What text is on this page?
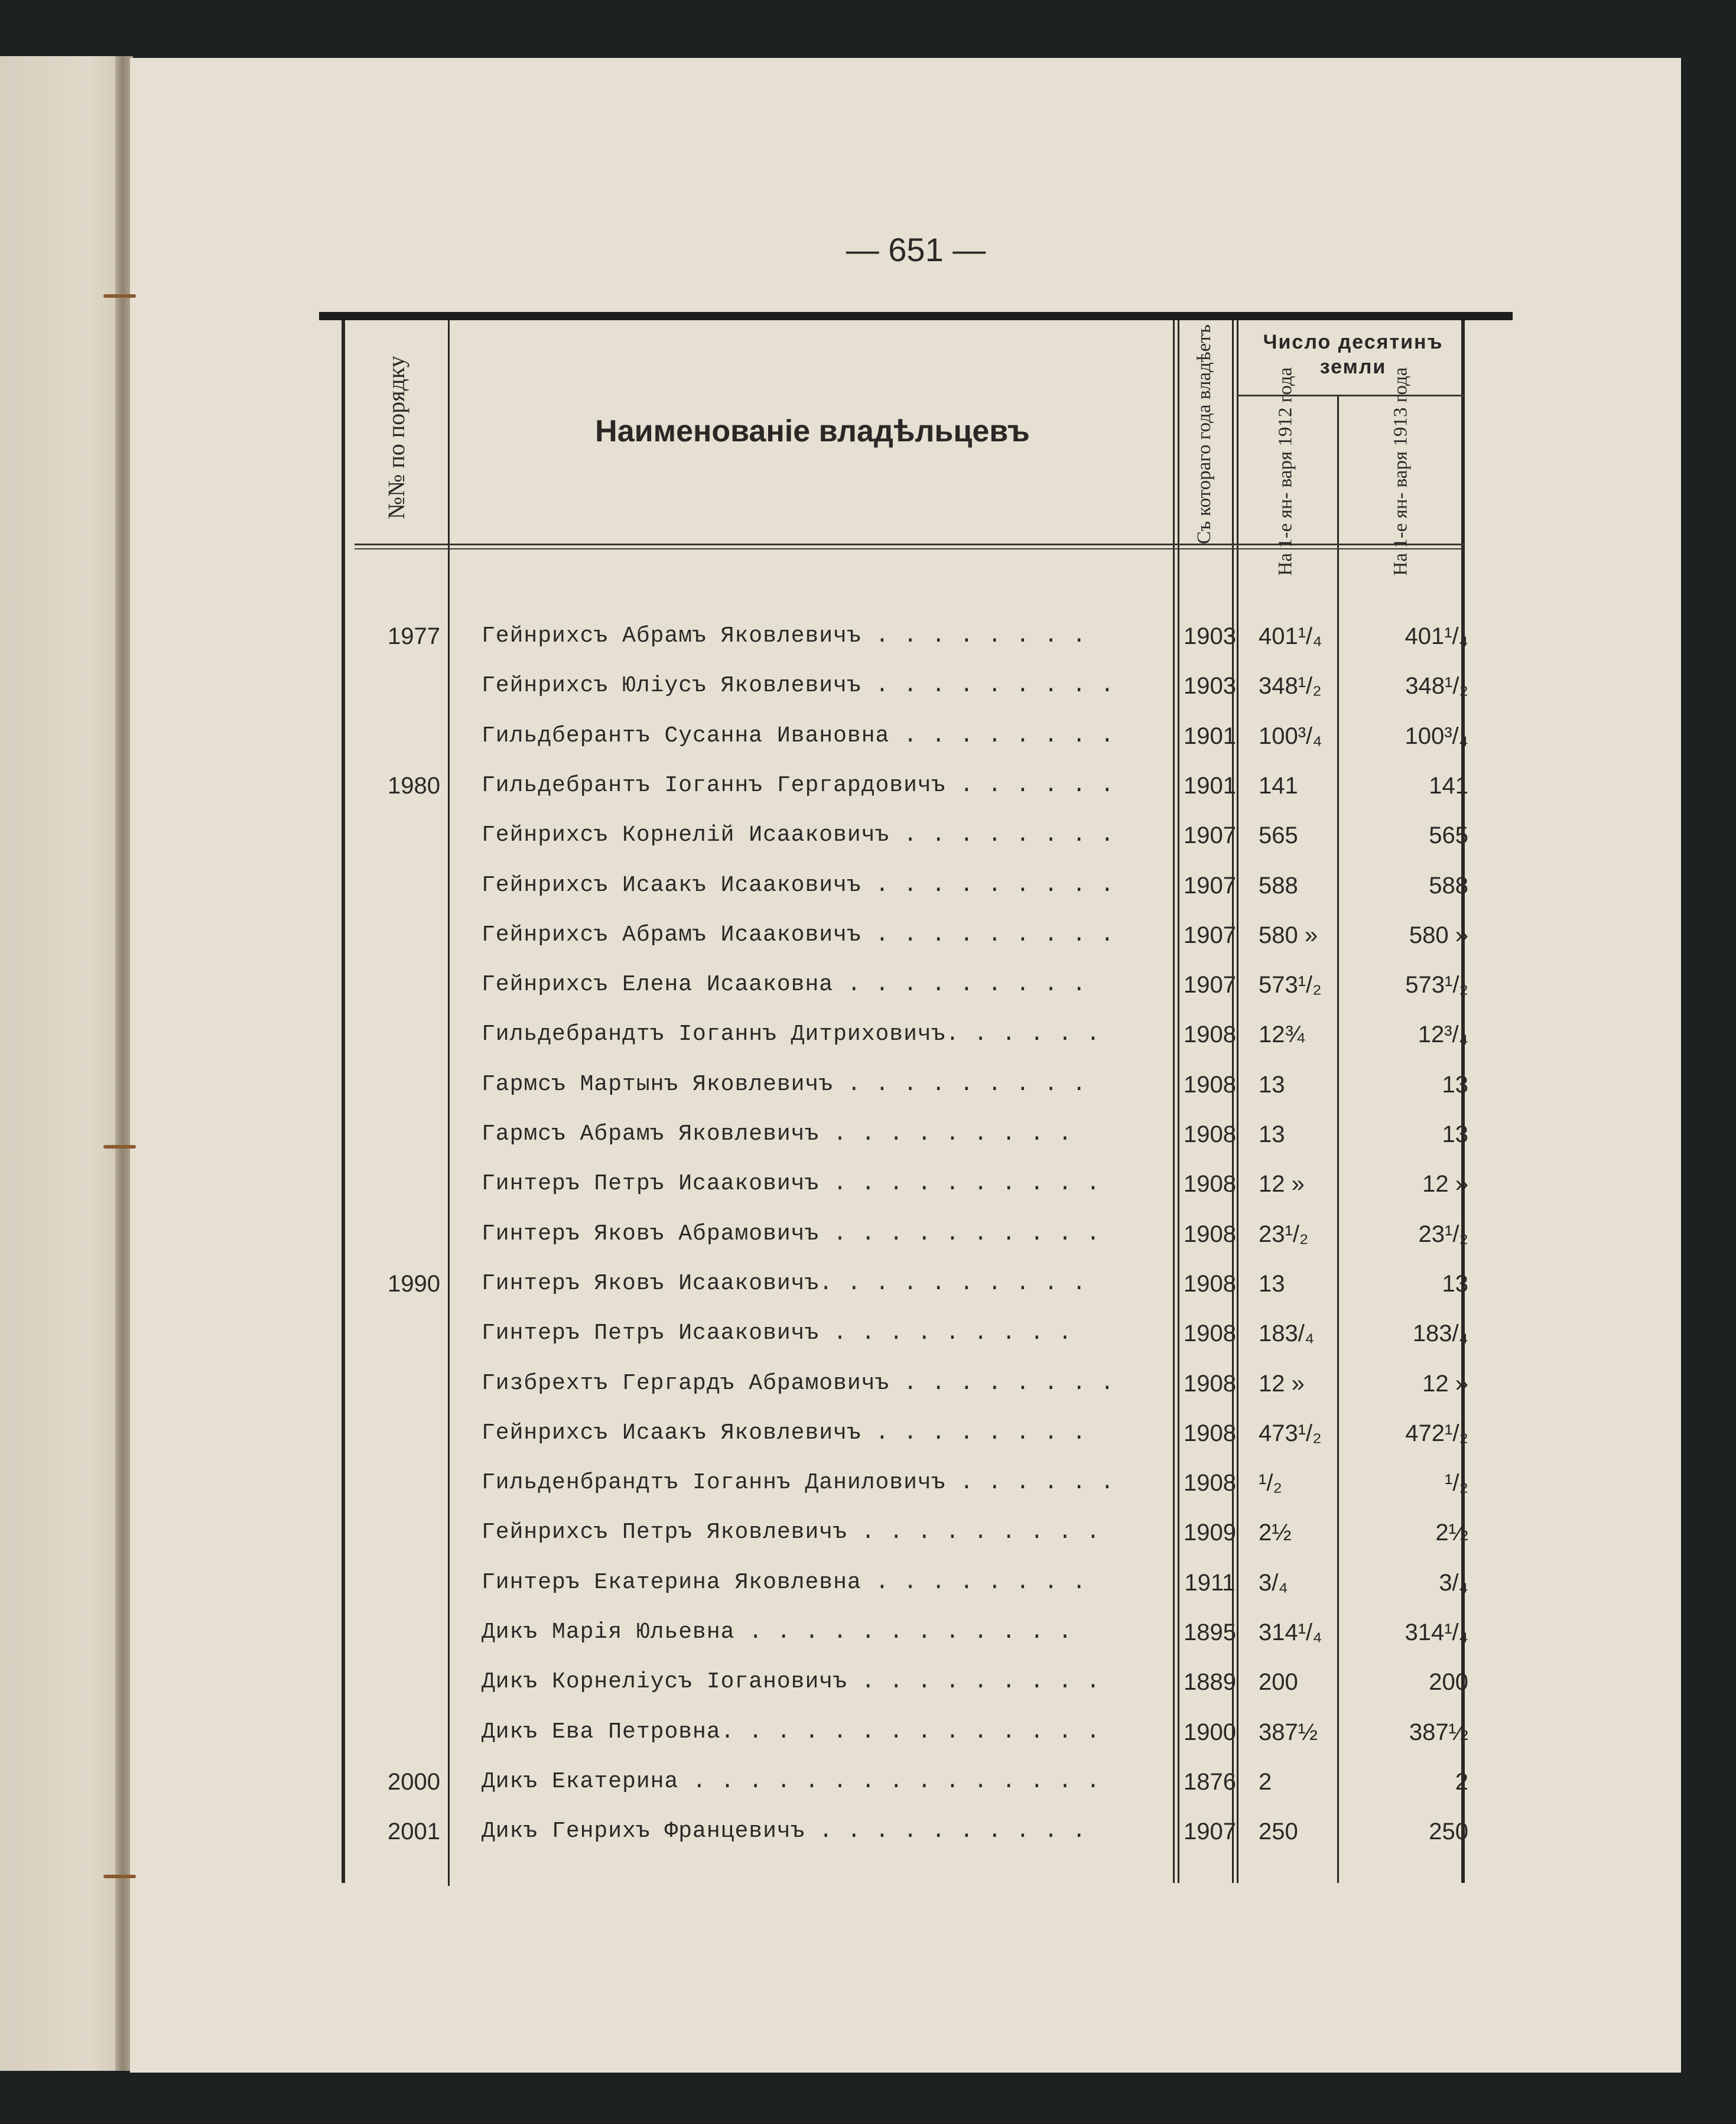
— 651 —
№№ по порядку	Наименованіе владѣльцевъ	Съ котораго года владѣетъ	Число десятинъ земли
На 1-е ян- варя 1912 года	На 1-е ян- варя 1913 года
1977 Гейнрихсъ Абрамъ Яковлевичъ . . . . . . . .	1903 401¹/₄	401¹/₄
Гейнрихсъ Юліусъ Яковлевичъ . . . . . . . . .	1903 348¹/₂	348¹/₂
Гильдберантъ Сусанна Ивановна . . . . . . . .	1901 100³/₄	100³/₄
1980 Гильдебрантъ Іоганнъ Гергардовичъ . . . . . .	1901 141	141
Гейнрихсъ Корнелій Исааковичъ . . . . . . . .	1907 565	565
Гейнрихсъ Исаакъ Исааковичъ . . . . . . . . .	1907 588	588
Гейнрихсъ Абрамъ Исааковичъ . . . . . . . . .	1907 580 »	580 »
Гейнрихсъ Елена Исааковна . . . . . . . . .	1907 573¹/₂	573¹/₂
Гильдебрандтъ Іоганнъ Дитриховичъ. . . . . .	1908 12¾	12³/₄
Гармсъ Мартынъ Яковлевичъ . . . . . . . . .	1908 13	13
Гармсъ Абрамъ Яковлевичъ . . . . . . . . .	1908 13	13
Гинтеръ Петръ Исааковичъ . . . . . . . . . .	1908 12 »	12 »
Гинтеръ Яковъ Абрамовичъ . . . . . . . . . .	1908 23¹/₂	23¹/₂
1990 Гинтеръ Яковъ Исааковичъ. . . . . . . . . .	1908 13	13
Гинтеръ Петръ Исааковичъ . . . . . . . . .	1908 183/₄	183/₄
Гизбрехтъ Гергардъ Абрамовичъ . . . . . . . .	1908 12 »	12 »
Гейнрихсъ Исаакъ Яковлевичъ . . . . . . . .	1908 473¹/₂	472¹/₂
Гильденбрандтъ Іоганнъ Даниловичъ . . . . . .	1908 ¹/₂	¹/₂
Гейнрихсъ Петръ Яковлевичъ . . . . . . . . .	1909 2½	2½
Гинтеръ Екатерина Яковлевна . . . . . . . .	1911 3/₄	3/₄
Дикъ Марія Юльевна . . . . . . . . . . . .	1895 314¹/₄	314¹/₄
Дикъ Корнеліусъ Іогановичъ . . . . . . . . .	1889 200	200
Дикъ Ева Петровна. . . . . . . . . . . . . .	1900 387½	387½
2000 Дикъ Екатерина . . . . . . . . . . . . . . .	1876 2	2
2001 Дикъ Генрихъ Францевичъ . . . . . . . . . .	1907 250	250
